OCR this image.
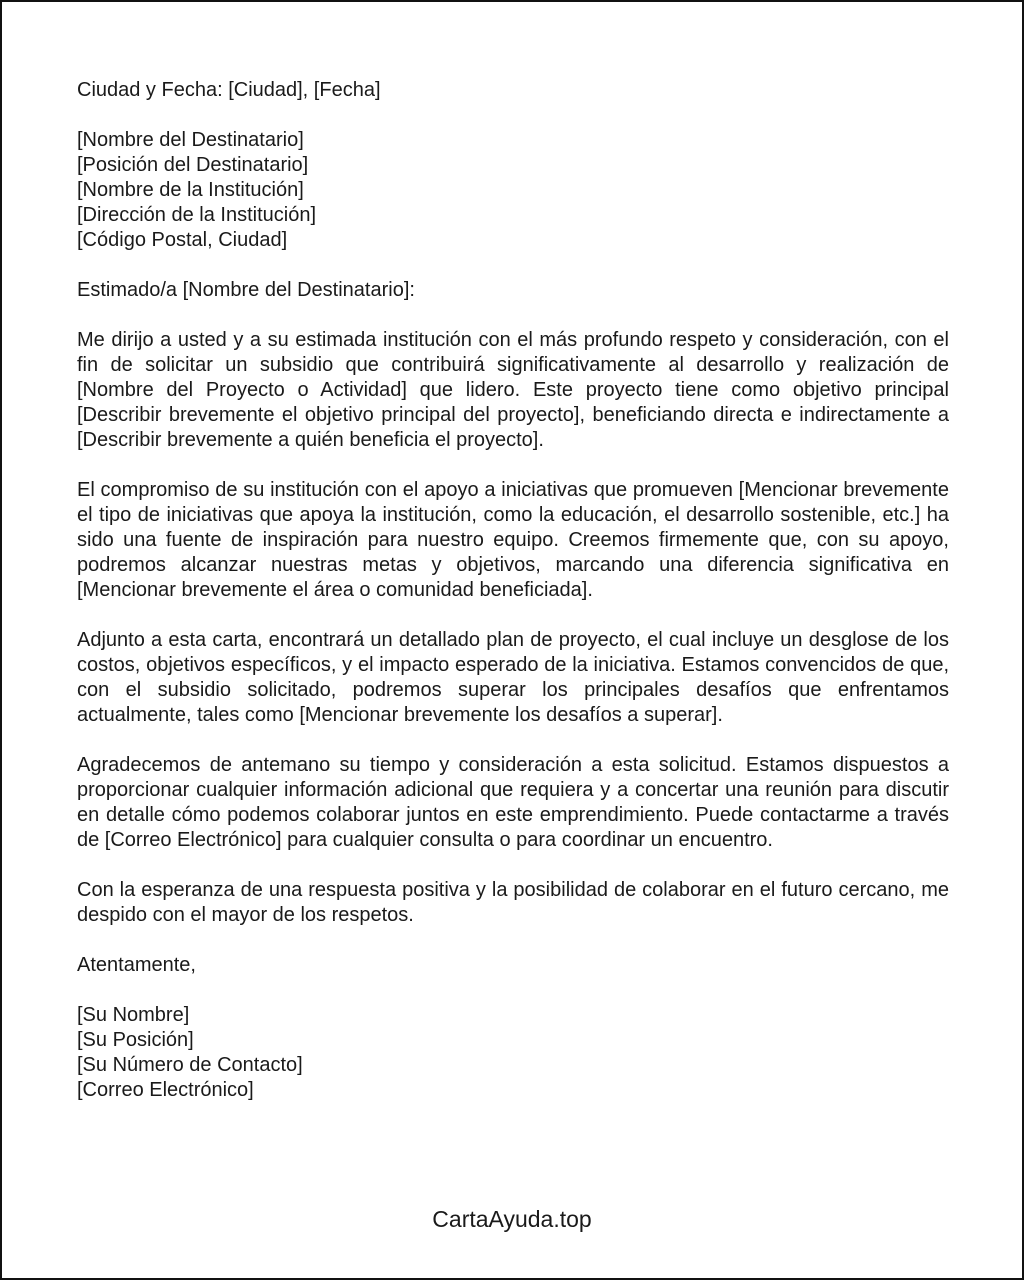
Ciudad y Fecha: [Ciudad], [Fecha]

[Nombre del Destinatario]
[Posición del Destinatario]
[Nombre de la Institución]
[Dirección de la Institución]
[Código Postal, Ciudad]

Estimado/a [Nombre del Destinatario]:

Me dirijo a usted y a su estimada institución con el más profundo respeto y consideración, con el fin de solicitar un subsidio que contribuirá significativamente al desarrollo y realización de [Nombre del Proyecto o Actividad] que lidero. Este proyecto tiene como objetivo principal [Describir brevemente el objetivo principal del proyecto], beneficiando directa e indirectamente a [Describir brevemente a quién beneficia el proyecto].

El compromiso de su institución con el apoyo a iniciativas que promueven [Mencionar brevemente el tipo de iniciativas que apoya la institución, como la educación, el desarrollo sostenible, etc.] ha sido una fuente de inspiración para nuestro equipo. Creemos firmemente que, con su apoyo, podremos alcanzar nuestras metas y objetivos, marcando una diferencia significativa en [Mencionar brevemente el área o comunidad beneficiada].

Adjunto a esta carta, encontrará un detallado plan de proyecto, el cual incluye un desglose de los costos, objetivos específicos, y el impacto esperado de la iniciativa. Estamos convencidos de que, con el subsidio solicitado, podremos superar los principales desafíos que enfrentamos actualmente, tales como [Mencionar brevemente los desafíos a superar].

Agradecemos de antemano su tiempo y consideración a esta solicitud. Estamos dispuestos a proporcionar cualquier información adicional que requiera y a concertar una reunión para discutir en detalle cómo podemos colaborar juntos en este emprendimiento. Puede contactarme a través de [Correo Electrónico] para cualquier consulta o para coordinar un encuentro.

Con la esperanza de una respuesta positiva y la posibilidad de colaborar en el futuro cercano, me despido con el mayor de los respetos.

Atentamente,

[Su Nombre]
[Su Posición]
[Su Número de Contacto]
[Correo Electrónico]
CartaAyuda.top
